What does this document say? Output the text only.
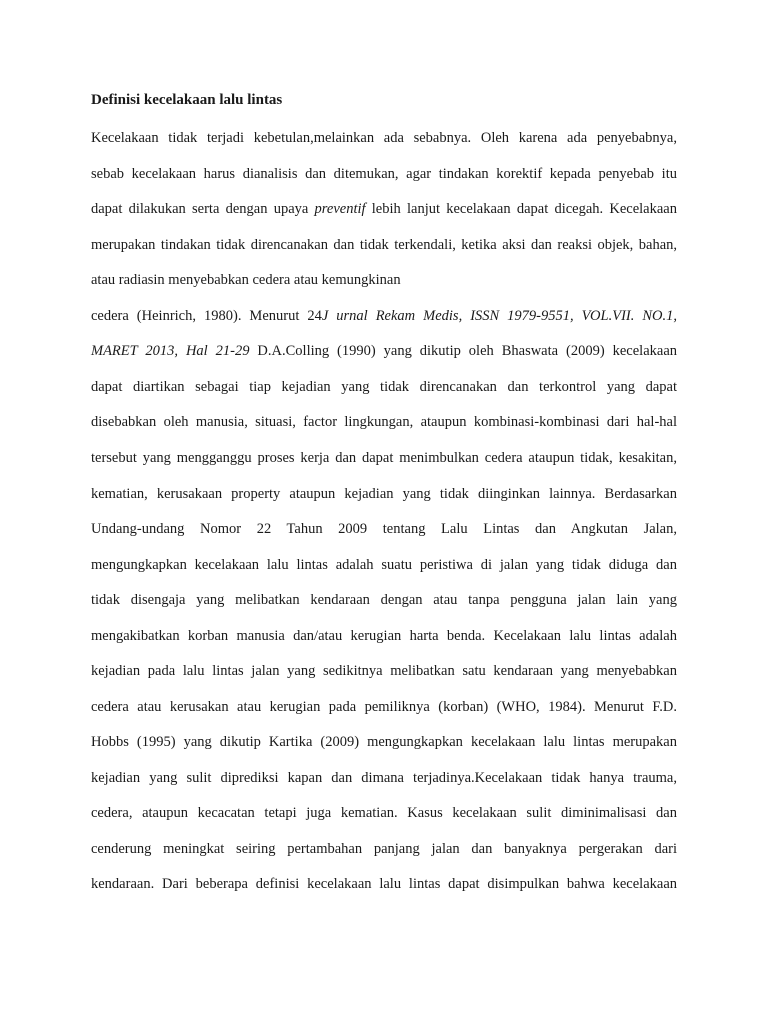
Definisi kecelakaan lalu lintas
Kecelakaan tidak terjadi kebetulan,melainkan ada sebabnya. Oleh karena ada penyebabnya,
sebab kecelakaan harus dianalisis dan ditemukan, agar tindakan korektif kepada penyebab itu
dapat dilakukan serta dengan upaya preventif lebih lanjut kecelakaan dapat dicegah. Kecelakaan
merupakan tindakan tidak direncanakan dan tidak terkendali, ketika aksi dan reaksi objek, bahan,
atau radiasin menyebabkan cedera atau kemungkinan
cedera (Heinrich, 1980). Menurut 24J urnal Rekam Medis, ISSN 1979-9551, VOL.VII. NO.1,
MARET 2013, Hal 21-29 D.A.Colling (1990) yang dikutip oleh Bhaswata (2009) kecelakaan
dapat diartikan sebagai tiap kejadian yang tidak direncanakan dan terkontrol yang dapat
disebabkan oleh manusia, situasi, factor lingkungan, ataupun kombinasi-kombinasi dari hal-hal
tersebut yang mengganggu proses kerja dan dapat menimbulkan cedera ataupun tidak, kesakitan,
kematian, kerusakaan property ataupun kejadian yang tidak diinginkan lainnya. Berdasarkan
Undang-undang Nomor 22 Tahun 2009 tentang Lalu Lintas dan Angkutan Jalan,
mengungkapkan kecelakaan lalu lintas adalah suatu peristiwa di jalan yang tidak diduga dan
tidak disengaja yang melibatkan kendaraan dengan atau tanpa pengguna jalan lain yang
mengakibatkan korban manusia dan/atau kerugian harta benda. Kecelakaan lalu lintas adalah
kejadian pada lalu lintas jalan yang sedikitnya melibatkan satu kendaraan yang menyebabkan
cedera atau kerusakan atau kerugian pada pemiliknya (korban) (WHO, 1984). Menurut F.D.
Hobbs (1995) yang dikutip Kartika (2009) mengungkapkan kecelakaan lalu lintas merupakan
kejadian yang sulit diprediksi kapan dan dimana terjadinya.Kecelakaan tidak hanya trauma,
cedera, ataupun kecacatan tetapi juga kematian. Kasus kecelakaan sulit diminimalisasi dan
cenderung meningkat seiring pertambahan panjang jalan dan banyaknya pergerakan dari
kendaraan. Dari beberapa definisi kecelakaan lalu lintas dapat disimpulkan bahwa kecelakaan
